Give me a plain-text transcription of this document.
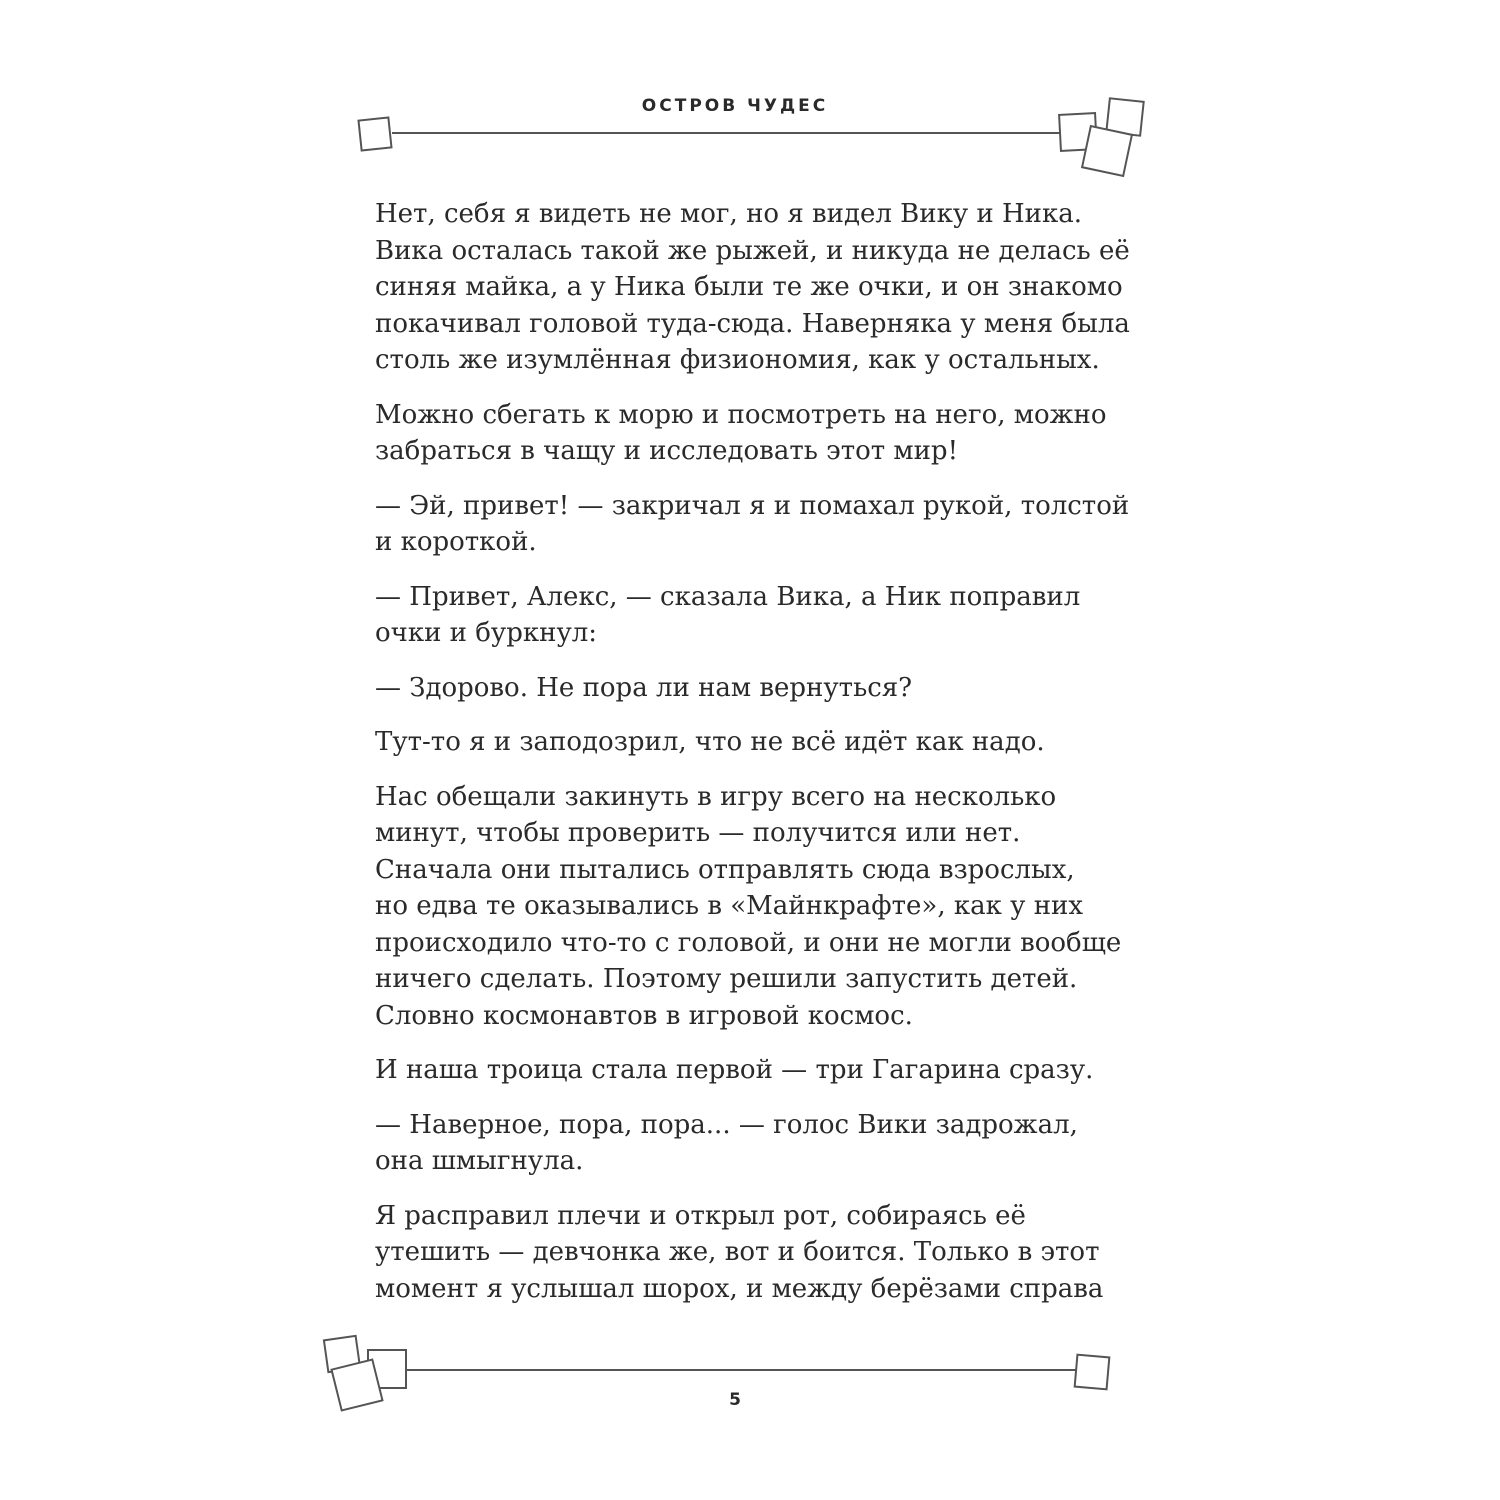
ОСТРОВ ЧУДЕС

Нет, себя я видеть не мог, но я видел Вику и Ника.
Вика осталась такой же рыжей, и никуда не делась её
синяя майка, а у Ника были те же очки, и он знакомо
покачивал головой туда-сюда. Наверняка у меня была
столь же изумлённая физиономия, как у остальных.

Можно сбегать к морю и посмотреть на него, можно
забраться в чащу и исследовать этот мир!

— Эй, привет! — закричал я и помахал рукой, толстой
и короткой.

— Привет, Алекс, — сказала Вика, а Ник поправил
очки и буркнул:

— Здорово. Не пора ли нам вернуться?

Тут-то я и заподозрил, что не всё идёт как надо.

Нас обещали закинуть в игру всего на несколько
минут, чтобы проверить — получится или нет.
Сначала они пытались отправлять сюда взрослых,
но едва те оказывались в «Майнкрафте», как у них
происходило что-то с головой, и они не могли вообще
ничего сделать. Поэтому решили запустить детей.
Словно космонавтов в игровой космос.

И наша троица стала первой — три Гагарина сразу.

— Наверное, пора, пора... — голос Вики задрожал,
она шмыгнула.

Я расправил плечи и открыл рот, собираясь её
утешить — девчонка же, вот и боится. Только в этот
момент я услышал шорох, и между берёзами справа

5
